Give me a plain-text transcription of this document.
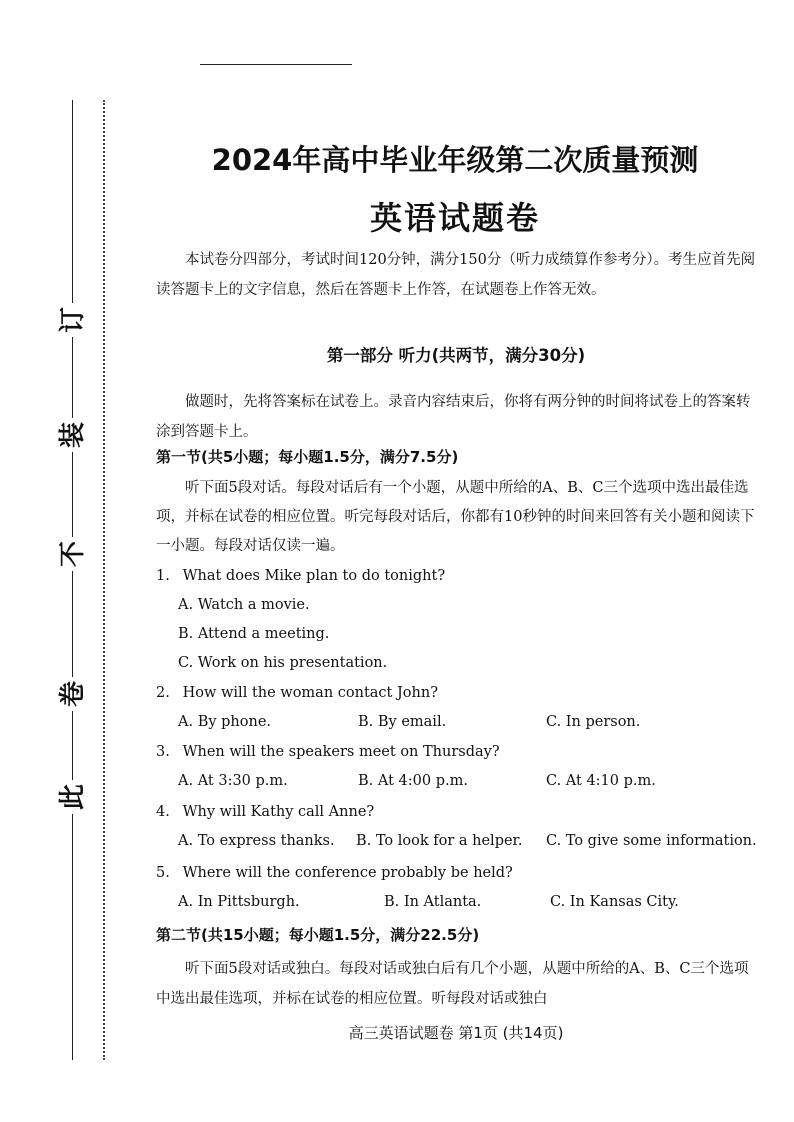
此
卷
不
装
订
2024年高中毕业年级第二次质量预测
英语试题卷

本试卷分四部分，考试时间120分钟，满分150分（听力成绩算作参考分）。考生应首先阅读答题卡上的文字信息，然后在答题卡上作答，在试题卷上作答无效。

第一部分 听力(共两节，满分30分)

做题时，先将答案标在试卷上。录音内容结束后，你将有两分钟的时间将试卷上的答案转涂到答题卡上。

第一节(共5小题；每小题1.5分，满分7.5分)

听下面5段对话。每段对话后有一个小题，从题中所给的A、B、C三个选项中选出最佳选项，并标在试卷的相应位置。听完每段对话后，你都有10秒钟的时间来回答有关小题和阅读下一小题。每段对话仅读一遍。

1. What does Mike plan to do tonight?
A. Watch a movie.
B. Attend a meeting.
C. Work on his presentation.
2. How will the woman contact John?
A. By phone.	B. By email.	C. In person.
3. When will the speakers meet on Thursday?
A. At 3:30 p.m.	B. At 4:00 p.m.	C. At 4:10 p.m.
4. Why will Kathy call Anne?
A. To express thanks. B. To look for a helper. C. To give some information.
5. Where will the conference probably be held?
A. In Pittsburgh.	B. In Atlanta.	C. In Kansas City.
第二节(共15小题；每小题1.5分，满分22.5分)

听下面5段对话或独白。每段对话或独白后有几个小题，从题中所给的A、B、C三个选项中选出最佳选项，并标在试卷的相应位置。听每段对话或独白

高三英语试题卷 第1页 (共14页)
